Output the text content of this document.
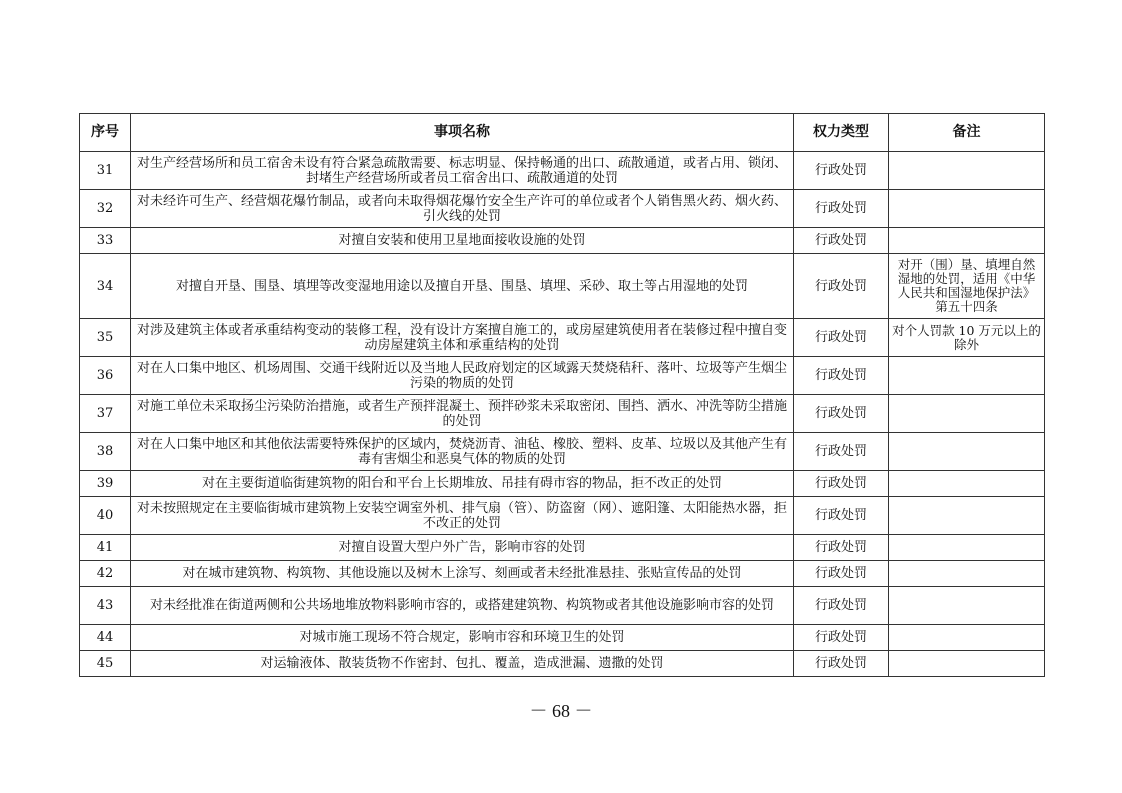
序号	事项名称	权力类型	备注
31	对生产经营场所和员工宿舍未设有符合紧急疏散需要、标志明显、保持畅通的出口、疏散通道，或者占用、锁闭、封堵生产经营场所或者员工宿舍出口、疏散通道的处罚	行政处罚	
32	对未经许可生产、经营烟花爆竹制品，或者向未取得烟花爆竹安全生产许可的单位或者个人销售黑火药、烟火药、引火线的处罚	行政处罚	
33	对擅自安装和使用卫星地面接收设施的处罚	行政处罚	
34	对擅自开垦、围垦、填埋等改变湿地用途以及擅自开垦、围垦、填埋、采砂、取土等占用湿地的处罚	行政处罚	对开（围）垦、填埋自然湿地的处罚，适用《中华人民共和国湿地保护法》第五十四条
35	对涉及建筑主体或者承重结构变动的装修工程，没有设计方案擅自施工的，或房屋建筑使用者在装修过程中擅自变动房屋建筑主体和承重结构的处罚	行政处罚	对个人罚款 10 万元以上的除外
36	对在人口集中地区、机场周围、交通干线附近以及当地人民政府划定的区域露天焚烧秸秆、落叶、垃圾等产生烟尘污染的物质的处罚	行政处罚	
37	对施工单位未采取扬尘污染防治措施，或者生产预拌混凝土、预拌砂浆未采取密闭、围挡、洒水、冲洗等防尘措施的处罚	行政处罚	
38	对在人口集中地区和其他依法需要特殊保护的区域内，焚烧沥青、油毡、橡胶、塑料、皮革、垃圾以及其他产生有毒有害烟尘和恶臭气体的物质的处罚	行政处罚	
39	对在主要街道临街建筑物的阳台和平台上长期堆放、吊挂有碍市容的物品，拒不改正的处罚	行政处罚	
40	对未按照规定在主要临街城市建筑物上安装空调室外机、排气扇（管）、防盗窗（网）、遮阳篷、太阳能热水器，拒不改正的处罚	行政处罚	
41	对擅自设置大型户外广告，影响市容的处罚	行政处罚	
42	对在城市建筑物、构筑物、其他设施以及树木上涂写、刻画或者未经批准悬挂、张贴宣传品的处罚	行政处罚	
43	对未经批准在街道两侧和公共场地堆放物料影响市容的，或搭建建筑物、构筑物或者其他设施影响市容的处罚	行政处罚	
44	对城市施工现场不符合规定，影响市容和环境卫生的处罚	行政处罚	
45	对运输液体、散装货物不作密封、包扎、覆盖，造成泄漏、遗撒的处罚	行政处罚	
－ 68 －
